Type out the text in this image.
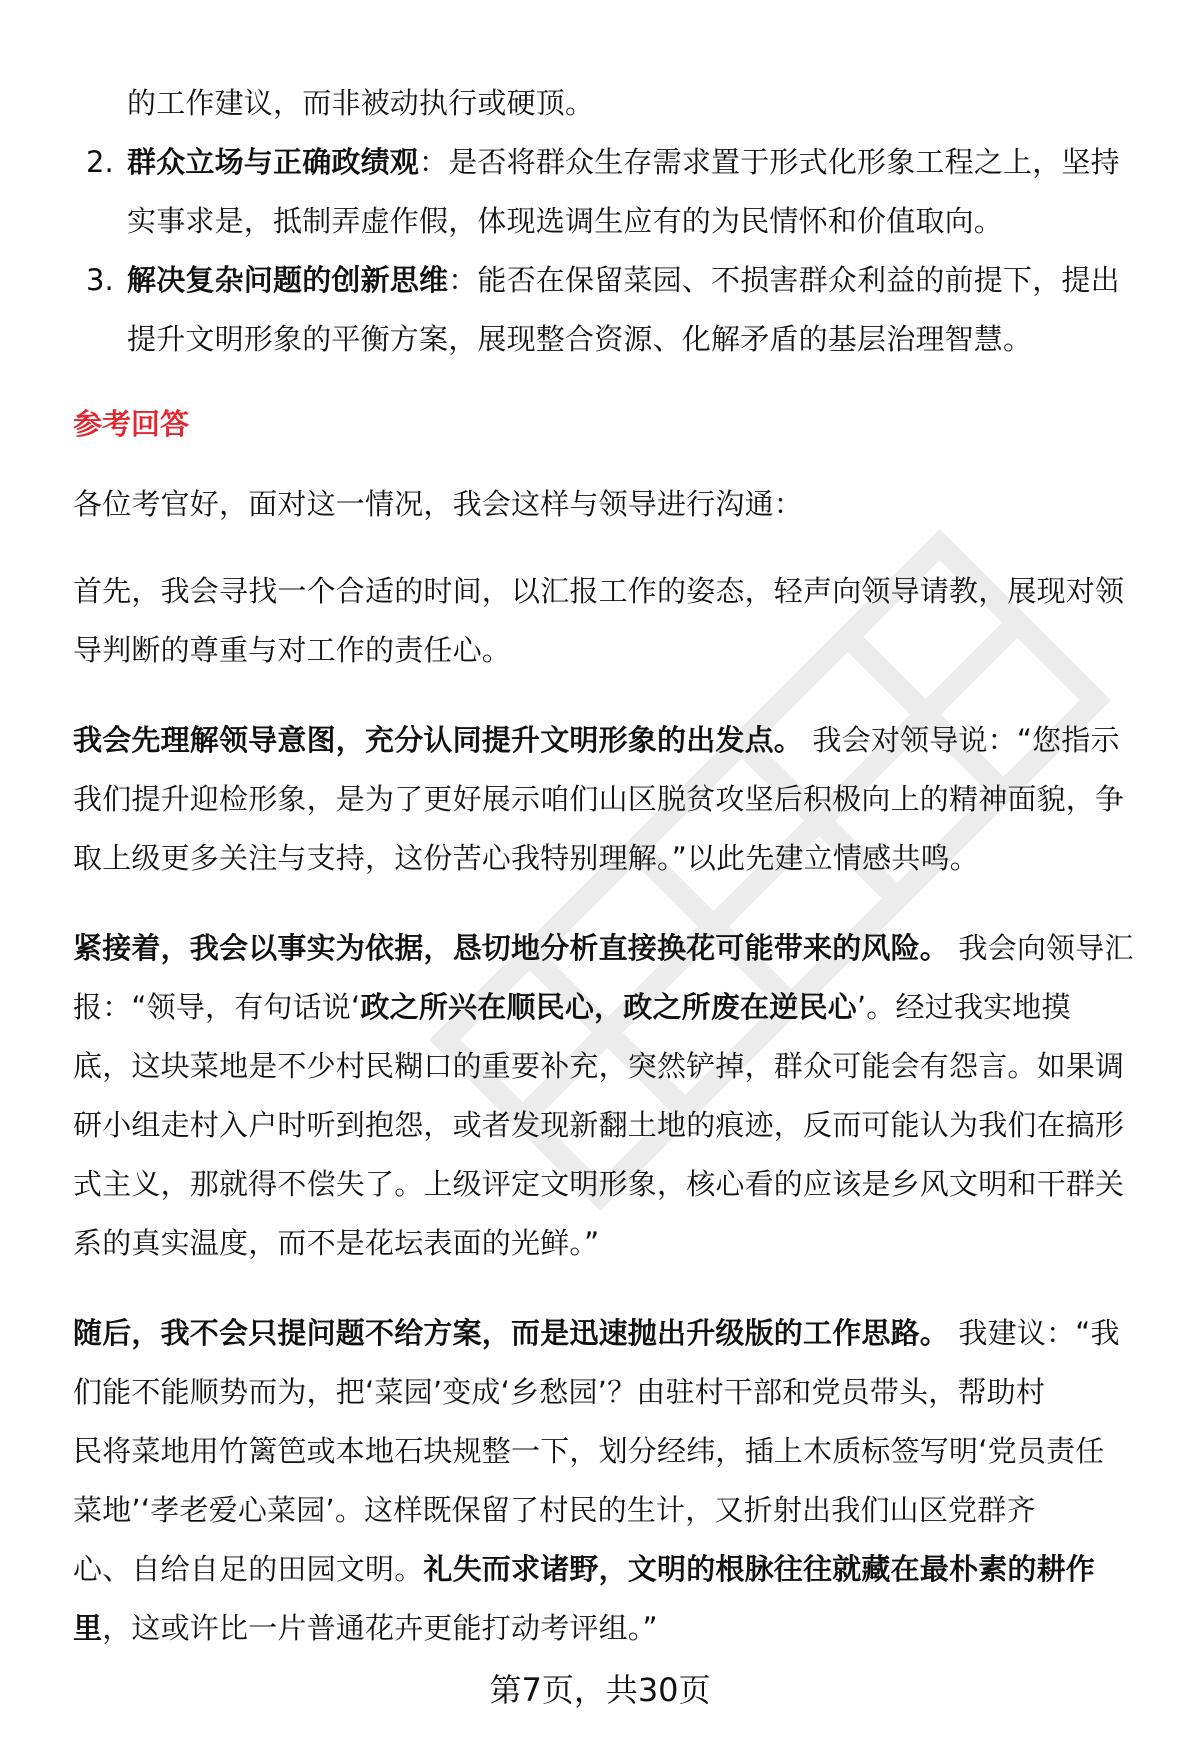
的工作建议，而非被动执行或硬顶。
2. 群众立场与正确政绩观：是否将群众生存需求置于形式化形象工程之上，坚持
实事求是，抵制弄虚作假，体现选调生应有的为民情怀和价值取向。
3. 解决复杂问题的创新思维：能否在保留菜园、不损害群众利益的前提下，提出
提升文明形象的平衡方案，展现整合资源、化解矛盾的基层治理智慧。
参考回答
各位考官好，面对这一情况，我会这样与领导进行沟通：
首先，我会寻找一个合适的时间，以汇报工作的姿态，轻声向领导请教，展现对领
导判断的尊重与对工作的责任心。
我会先理解领导意图，充分认同提升文明形象的出发点。 我会对领导说：“您指示
我们提升迎检形象，是为了更好展示咱们山区脱贫攻坚后积极向上的精神面貌，争
取上级更多关注与支持，这份苦心我特别理解。”以此先建立情感共鸣。
紧接着，我会以事实为依据，恳切地分析直接换花可能带来的风险。 我会向领导汇
报：“领导，有句话说‘政之所兴在顺民心，政之所废在逆民心’。经过我实地摸
底，这块菜地是不少村民糊口的重要补充，突然铲掉，群众可能会有怨言。如果调
研小组走村入户时听到抱怨，或者发现新翻土地的痕迹，反而可能认为我们在搞形
式主义，那就得不偿失了。上级评定文明形象，核心看的应该是乡风文明和干群关
系的真实温度，而不是花坛表面的光鲜。”
随后，我不会只提问题不给方案，而是迅速抛出升级版的工作思路。 我建议：“我
们能不能顺势而为，把‘菜园’变成‘乡愁园’？由驻村干部和党员带头，帮助村
民将菜地用竹篱笆或本地石块规整一下，划分经纬，插上木质标签写明‘党员责任
菜地’‘孝老爱心菜园’。这样既保留了村民的生计，又折射出我们山区党群齐
心、自给自足的田园文明。礼失而求诸野，文明的根脉往往就藏在最朴素的耕作
里，这或许比一片普通花卉更能打动考评组。”
第7页，共30页
